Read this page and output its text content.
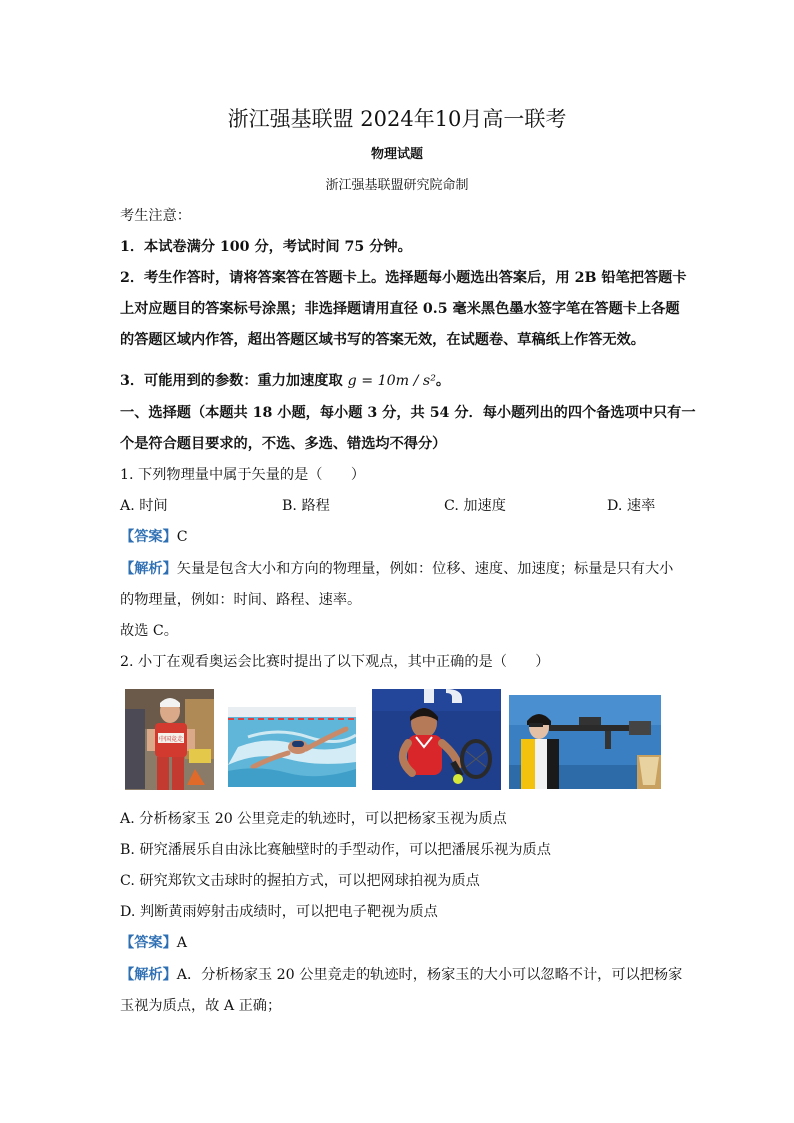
浙江强基联盟 2024年10月高一联考
物理试题
浙江强基联盟研究院命制
考生注意：
1．本试卷满分 100 分，考试时间 75 分钟。
2．考生作答时，请将答案答在答题卡上。选择题每小题选出答案后，用 2B 铅笔把答题卡
上对应题目的答案标号涂黑；非选择题请用直径 0.5 毫米黑色墨水签字笔在答题卡上各题
的答题区域内作答，超出答题区域书写的答案无效，在试题卷、草稿纸上作答无效。
3．可能用到的参数：重力加速度取 g = 10m / s²。
一、选择题（本题共 18 小题，每小题 3 分，共 54 分．每小题列出的四个备选项中只有一
个是符合题目要求的，不选、多选、错选均不得分）
1. 下列物理量中属于矢量的是（　　）
A. 时间	B. 路程	C. 加速度	D. 速率
【答案】C
【解析】矢量是包含大小和方向的物理量，例如：位移、速度、加速度；标量是只有大小
的物理量，例如：时间、路程、速率。
故选 C。
2. 小丁在观看奥运会比赛时提出了以下观点，其中正确的是（　　）
中国竞走
A. 分析杨家玉 20 公里竞走的轨迹时，可以把杨家玉视为质点
B. 研究潘展乐自由泳比赛触壁时的手型动作，可以把潘展乐视为质点
C. 研究郑钦文击球时的握拍方式，可以把网球拍视为质点
D. 判断黄雨婷射击成绩时，可以把电子靶视为质点
【答案】A
【解析】A．分析杨家玉 20 公里竞走的轨迹时，杨家玉的大小可以忽略不计，可以把杨家
玉视为质点，故 A 正确；
